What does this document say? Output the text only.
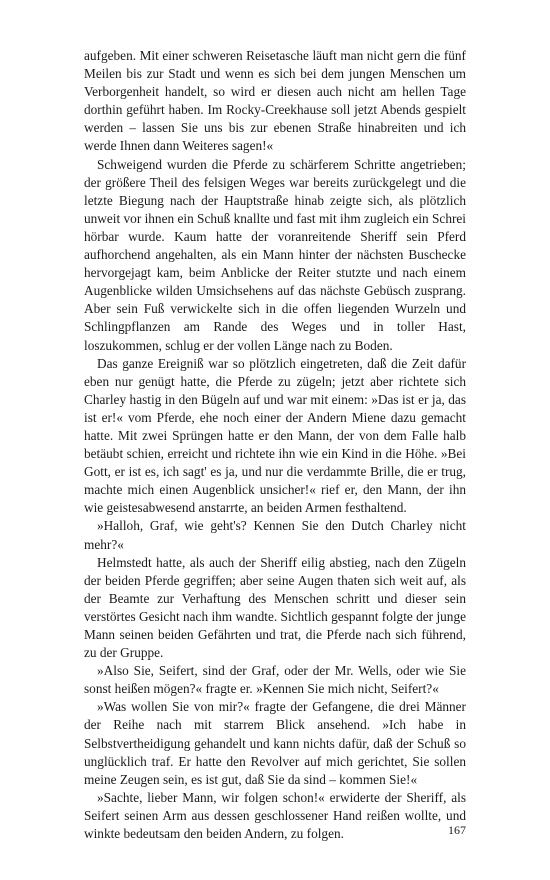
aufgeben. Mit einer schweren Reisetasche läuft man nicht gern die fünf Meilen bis zur Stadt und wenn es sich bei dem jungen Menschen um Verborgenheit handelt, so wird er diesen auch nicht am hellen Tage dorthin geführt haben. Im Rocky-Creekhause soll jetzt Abends gespielt werden – lassen Sie uns bis zur ebenen Straße hinabreiten und ich werde Ihnen dann Weiteres sagen!«

Schweigend wurden die Pferde zu schärferem Schritte angetrieben; der größere Theil des felsigen Weges war bereits zurückgelegt und die letzte Biegung nach der Hauptstraße hinab zeigte sich, als plötzlich unweit vor ihnen ein Schuß knallte und fast mit ihm zugleich ein Schrei hörbar wurde. Kaum hatte der voranreitende Sheriff sein Pferd aufhorchend angehalten, als ein Mann hinter der nächsten Buschecke hervorgejagt kam, beim Anblicke der Reiter stutzte und nach einem Augenblicke wilden Umsichsehens auf das nächste Gebüsch zusprang. Aber sein Fuß verwickelte sich in die offen liegenden Wurzeln und Schlingpflanzen am Rande des Weges und in toller Hast, loszukommen, schlug er der vollen Länge nach zu Boden.

Das ganze Ereigniß war so plötzlich eingetreten, daß die Zeit dafür eben nur genügt hatte, die Pferde zu zügeln; jetzt aber richtete sich Charley hastig in den Bügeln auf und war mit einem: »Das ist er ja, das ist er!« vom Pferde, ehe noch einer der Andern Miene dazu gemacht hatte. Mit zwei Sprüngen hatte er den Mann, der von dem Falle halb betäubt schien, erreicht und richtete ihn wie ein Kind in die Höhe. »Bei Gott, er ist es, ich sagt' es ja, und nur die verdammte Brille, die er trug, machte mich einen Augenblick unsicher!« rief er, den Mann, der ihn wie geistesabwesend anstarrte, an beiden Armen festhaltend.

»Halloh, Graf, wie geht's? Kennen Sie den Dutch Charley nicht mehr?«

Helmstedt hatte, als auch der Sheriff eilig abstieg, nach den Zügeln der beiden Pferde gegriffen; aber seine Augen thaten sich weit auf, als der Beamte zur Verhaftung des Menschen schritt und dieser sein verstörtes Gesicht nach ihm wandte. Sichtlich gespannt folgte der junge Mann seinen beiden Gefährten und trat, die Pferde nach sich führend, zu der Gruppe.

»Also Sie, Seifert, sind der Graf, oder der Mr. Wells, oder wie Sie sonst heißen mögen?« fragte er. »Kennen Sie mich nicht, Seifert?«

»Was wollen Sie von mir?« fragte der Gefangene, die drei Männer der Reihe nach mit starrem Blick ansehend. »Ich habe in Selbstvertheidigung gehandelt und kann nichts dafür, daß der Schuß so unglücklich traf. Er hatte den Revolver auf mich gerichtet, Sie sollen meine Zeugen sein, es ist gut, daß Sie da sind – kommen Sie!«

»Sachte, lieber Mann, wir folgen schon!« erwiderte der Sheriff, als Seifert seinen Arm aus dessen geschlossener Hand reißen wollte, und winkte bedeutsam den beiden Andern, zu folgen.	167
